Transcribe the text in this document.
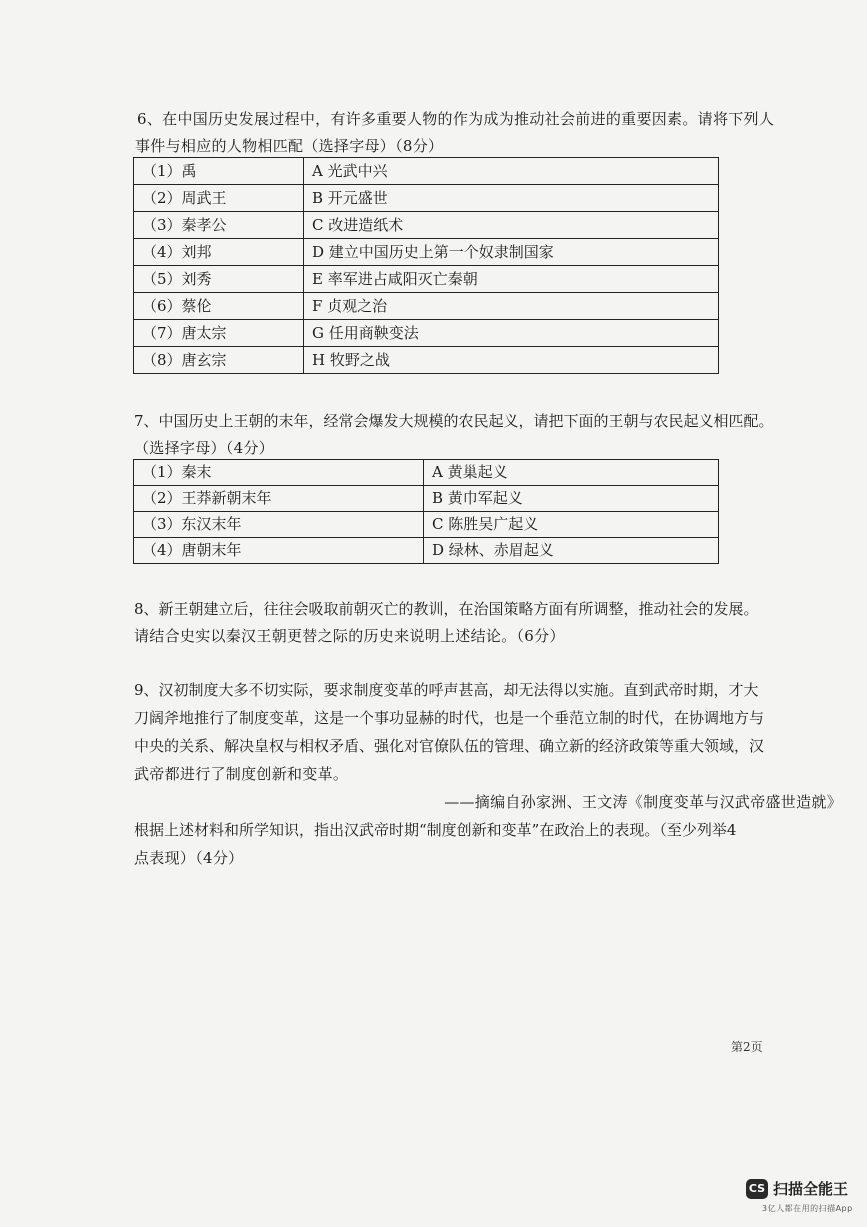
6、在中国历史发展过程中，有许多重要人物的作为成为推动社会前进的重要因素。请将下列人

事件与相应的人物相匹配（选择字母）（8分）

（1）禹	A 光武中兴
（2）周武王	B 开元盛世
（3）秦孝公	C 改进造纸术
（4）刘邦	D 建立中国历史上第一个奴隶制国家
（5）刘秀	E 率军进占咸阳灭亡秦朝
（6）蔡伦	F 贞观之治
（7）唐太宗	G 任用商鞅变法
（8）唐玄宗	H 牧野之战

7、中国历史上王朝的末年，经常会爆发大规模的农民起义，请把下面的王朝与农民起义相匹配。

（选择字母）（4分）

（1）秦末	A 黄巢起义
（2）王莽新朝末年	B 黄巾军起义
（3）东汉末年	C 陈胜吴广起义
（4）唐朝末年	D 绿林、赤眉起义

8、新王朝建立后，往往会吸取前朝灭亡的教训，在治国策略方面有所调整，推动社会的发展。

请结合史实以秦汉王朝更替之际的历史来说明上述结论。（6分）

9、汉初制度大多不切实际，要求制度变革的呼声甚高，却无法得以实施。直到武帝时期，才大

刀阔斧地推行了制度变革，这是一个事功显赫的时代，也是一个垂范立制的时代，在协调地方与

中央的关系、解决皇权与相权矛盾、强化对官僚队伍的管理、确立新的经济政策等重大领域，汉

武帝都进行了制度创新和变革。

——摘编自孙家洲、王文涛《制度变革与汉武帝盛世造就》

根据上述材料和所学知识，指出汉武帝时期“制度创新和变革”在政治上的表现。（至少列举4

点表现）（4分）

第2页
CS 扫描全能王
3亿人都在用的扫描App
